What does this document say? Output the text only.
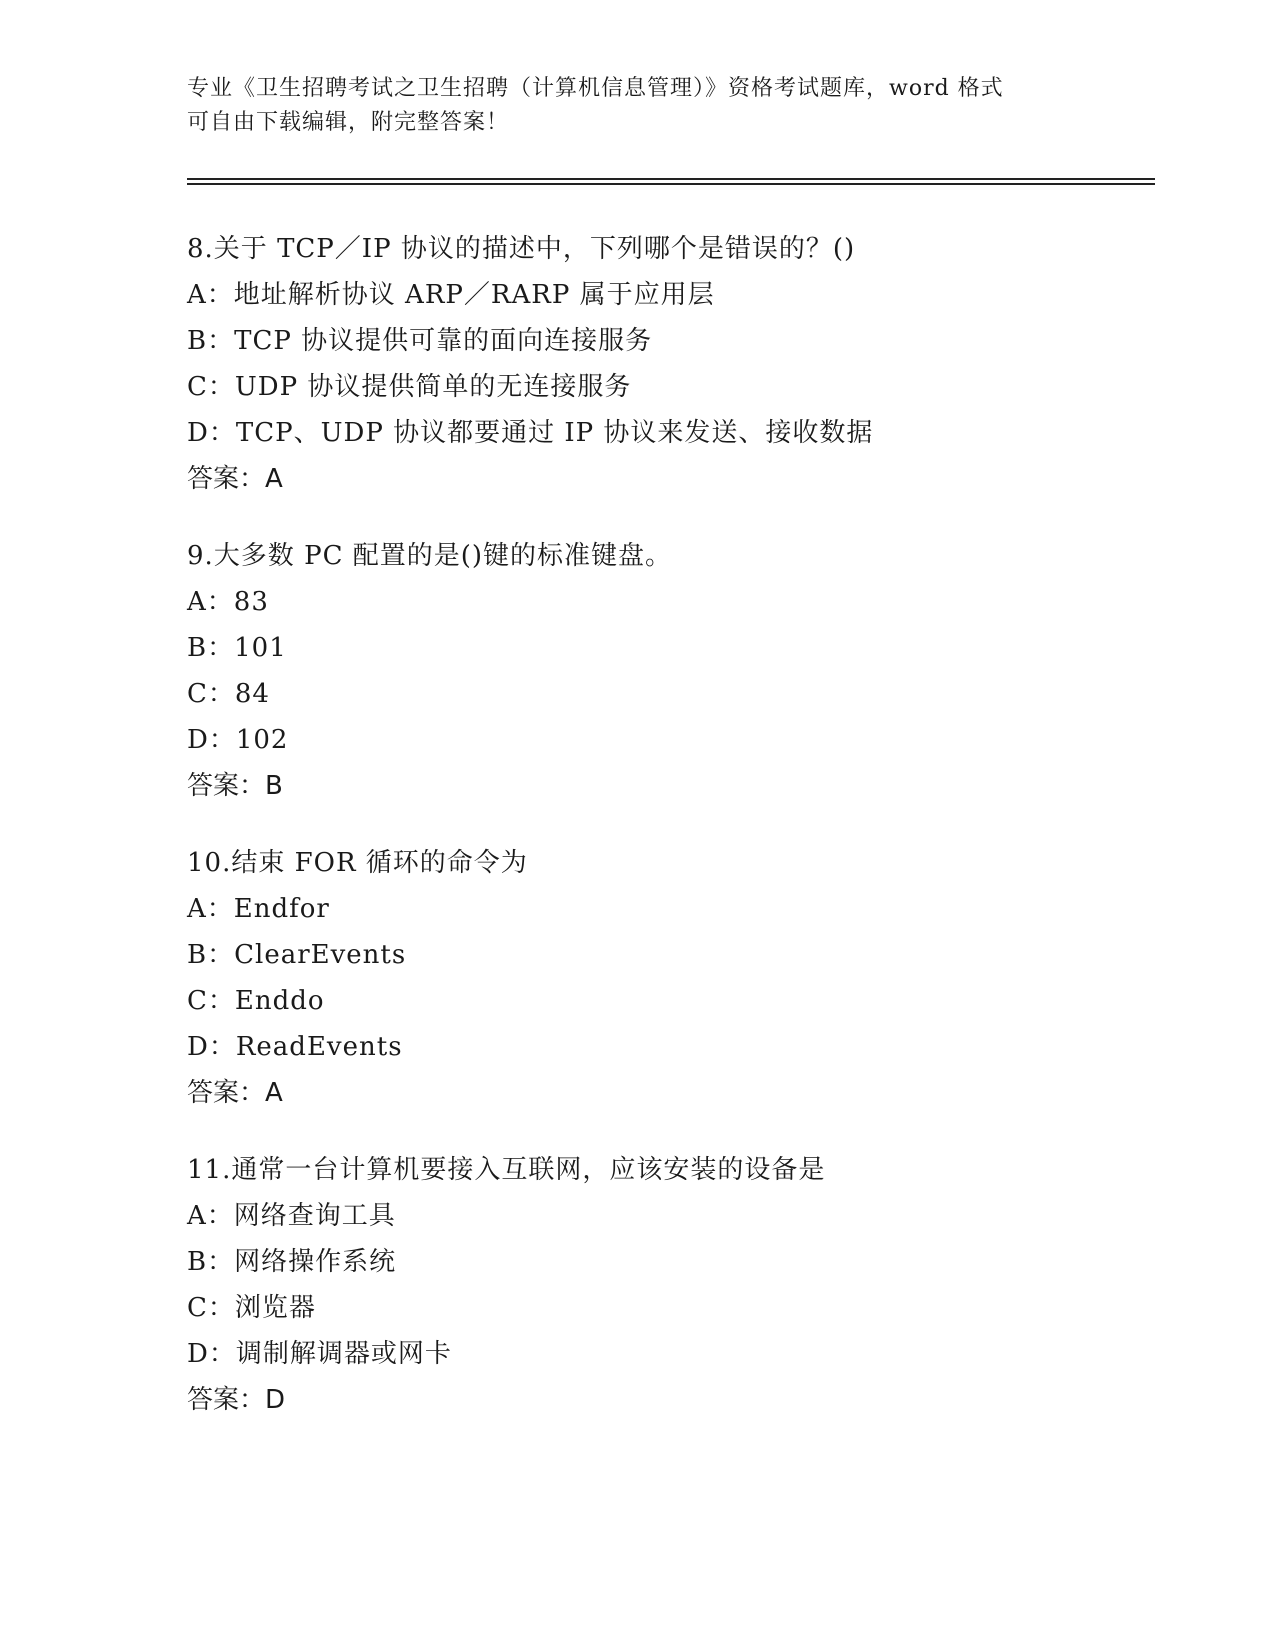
专业《卫生招聘考试之卫生招聘（计算机信息管理）》资格考试题库，word 格式
可自由下载编辑，附完整答案！
8.关于 TCP／IP 协议的描述中，下列哪个是错误的？()
A：地址解析协议 ARP／RARP 属于应用层
B：TCP 协议提供可靠的面向连接服务
C：UDP 协议提供简单的无连接服务
D：TCP、UDP 协议都要通过 IP 协议来发送、接收数据
答案：A
9.大多数 PC 配置的是()键的标准键盘。
A：83
B：101
C：84
D：102
答案：B
10.结束 FOR 循环的命令为
A：Endfor
B：ClearEvents
C：Enddo
D：ReadEvents
答案：A
11.通常一台计算机要接入互联网，应该安装的设备是
A：网络查询工具
B：网络操作系统
C：浏览器
D：调制解调器或网卡
答案：D
